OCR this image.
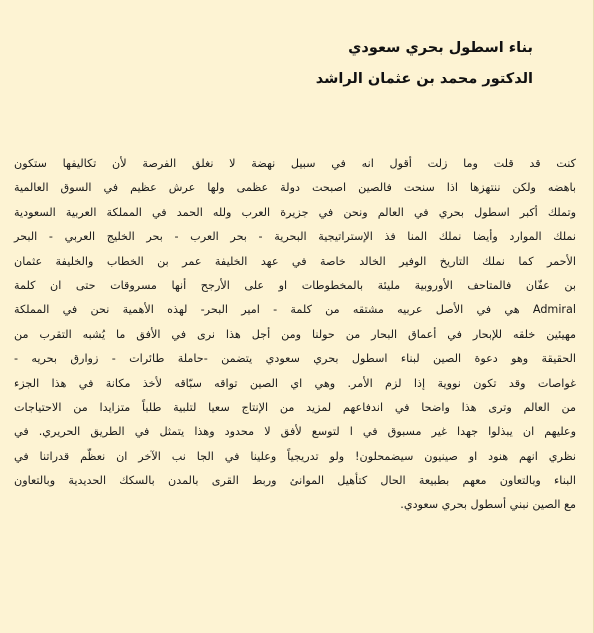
بناء اسطول بحري سعودي
الدكتور محمد بن عثمان الراشد
كنت قد قلت وما زلت أقول انه في سبيل نهضة لا نغلق الفرصة لأن تكاليفها ستكون
باهضه ولكن ننتهزها اذا سنحت فالصين اصبحت دولة عظمى ولها عرش عظيم في السوق العالمية
وتملك أكبر اسطول بحري في العالم ونحن في جزيرة العرب ولله الحمد في المملكة العربية السعودية
نملك الموارد وأيضا نملك المنا فذ الإستراتيجية البحرية - بحر العرب - بحر الخليج العربي - البحر
الأحمر كما نملك التاريخ الوفير الخالد خاصة في عهد الخليفة عمر بن الخطاب والخليفة عثمان
بن عفّان فالمتاحف الأوروبية مليئة بالمخطوطات او على الأرجح أنها مسروقات حتى ان كلمة
Admiral هي في الأصل عربيه مشتقه من كلمة - امير البحر- لهذه الأهمية نحن في المملكة
مهيئين خلقه للإبحار في أعماق البحار من حولنا ومن أجل هذا نرى في الأفق ما يُشبه التقرب من
الحقيقة وهو دعوة الصين لبناء اسطول بحري سعودي يتضمن -حاملة طائرات - زوارق بحريه -
غواصات وقد تكون نووية إذا لزم الأمر. وهي اي الصين تواقه سبّاقه لأخذ مكانة في هذا الجزء
من العالم وترى هذا واضحا في اندفاعهم لمزيد من الإنتاج سعيا لتلبية طلباً متزايدا من الاحتياجات
وعليهم ان يبذلوا جهدا غير مسبوق في ا لتوسع لأفق لا محدود وهذا يتمثل في الطريق الحريري. في
نظري انهم هنود او صينيون سيضمحلون! ولو تدريجياً وعلينا في الجا نب الآخر ان نعظّم قدراتنا في
البناء وبالتعاون معهم بطبيعة الحال كتأهيل الموانئ وربط القرى بالمدن بالسكك الحديدية وبالتعاون
مع الصين نبني أسطول بحري سعودي.
